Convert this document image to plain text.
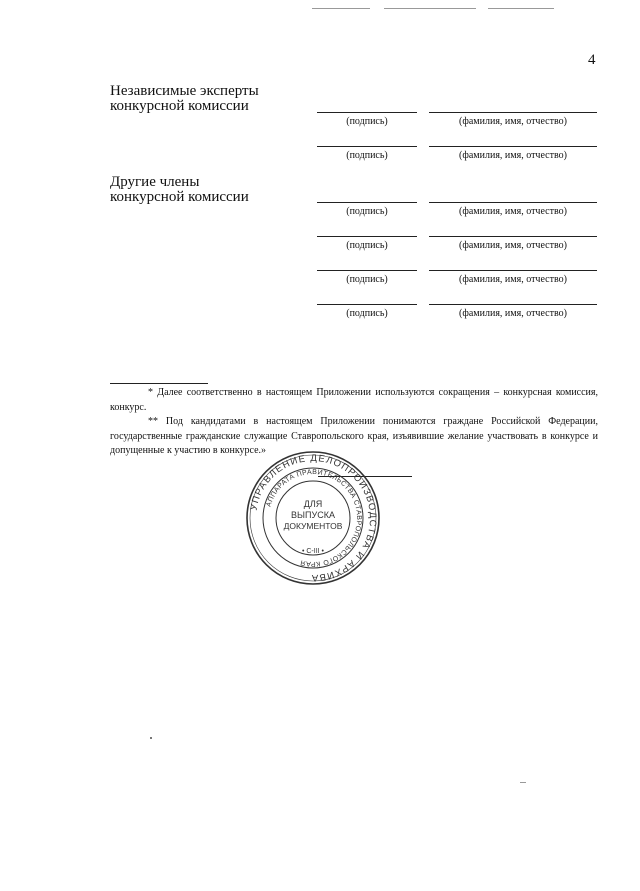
4
Независимые эксперты
конкурсной комиссии
(подпись)	(фамилия, имя, отчество)
(подпись)	(фамилия, имя, отчество)
Другие члены
конкурсной комиссии
(подпись)	(фамилия, имя, отчество)
(подпись)	(фамилия, имя, отчество)
(подпись)	(фамилия, имя, отчество)
(подпись)	(фамилия, имя, отчество)

* Далее соответственно в настоящем Приложении используются сокращения – конкурсная комиссия, конкурс.

** Под кандидатами в настоящем Приложении понимаются граждане Российской Федерации, государственные гражданские служащие Ставропольского края, изъявившие желание участвовать в конкурсе и допущенные к участию в конкурсе.»

УПРАВЛЕНИЕ ДЕЛОПРОИЗВОДСТВА И АРХИВА
АППАРАТА ПРАВИТЕЛЬСТВА СТАВРОПОЛЬСКОГО КРАЯ
ДЛЯ
ВЫПУСКА
ДОКУМЕНТОВ
• С-III •
